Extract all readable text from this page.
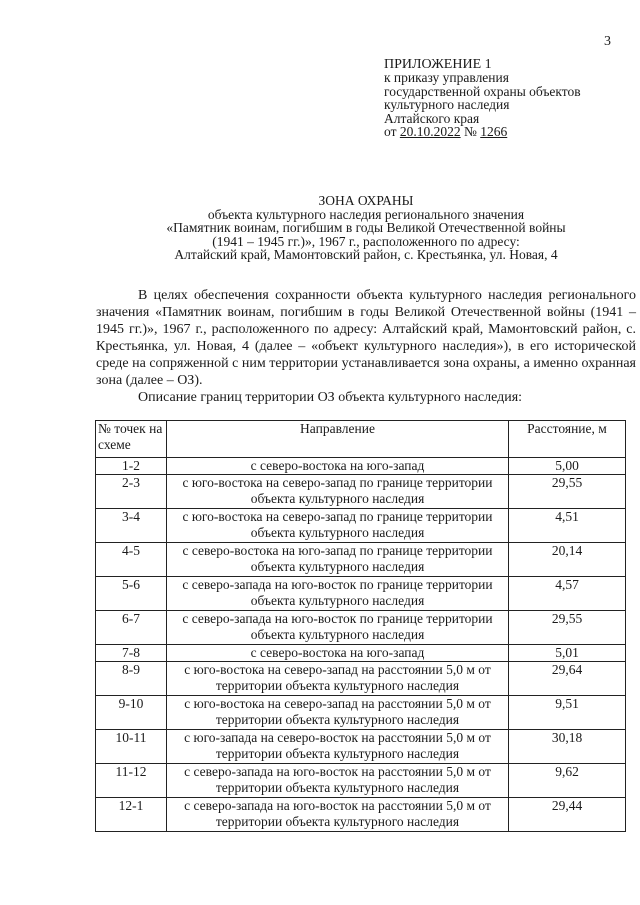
3
ПРИЛОЖЕНИЕ 1
к приказу управления
государственной охраны объектов
культурного наследия
Алтайского края
от 20.10.2022 № 1266
ЗОНА ОХРАНЫ
объекта культурного наследия регионального значения
«Памятник воинам, погибшим в годы Великой Отечественной войны
(1941 – 1945 гг.)», 1967 г., расположенного по адресу:
Алтайский край, Мамонтовский район, с. Крестьянка, ул. Новая, 4

В целях обеспечения сохранности объекта культурного наследия регионального значения «Памятник воинам, погибшим в годы Великой Отечественной войны (1941 – 1945 гг.)», 1967 г., расположенного по адресу: Алтайский край, Мамонтовский район, с. Крестьянка, ул. Новая, 4 (далее – «объект культурного наследия»), в его исторической среде на сопряженной с ним территории устанавливается зона охраны, а именно охранная зона (далее – ОЗ).

Описание границ территории ОЗ объекта культурного наследия:

№ точек на схеме	Направление	Расстояние, м
1-2	с северо-востока на юго-запад	5,00
2-3	с юго-востока на северо-запад по границе территории объекта культурного наследия	29,55
3-4	с юго-востока на северо-запад по границе территории объекта культурного наследия	4,51
4-5	с северо-востока на юго-запад по границе территории объекта культурного наследия	20,14
5-6	с северо-запада на юго-восток по границе территории объекта культурного наследия	4,57
6-7	с северо-запада на юго-восток по границе территории объекта культурного наследия	29,55
7-8	с северо-востока на юго-запад	5,01
8-9	с юго-востока на северо-запад на расстоянии 5,0 м от территории объекта культурного наследия	29,64
9-10	с юго-востока на северо-запад на расстоянии 5,0 м от территории объекта культурного наследия	9,51
10-11	с юго-запада на северо-восток на расстоянии 5,0 м от территории объекта культурного наследия	30,18
11-12	с северо-запада на юго-восток на расстоянии 5,0 м от территории объекта культурного наследия	9,62
12-1	с северо-запада на юго-восток на расстоянии 5,0 м от территории объекта культурного наследия	29,44
